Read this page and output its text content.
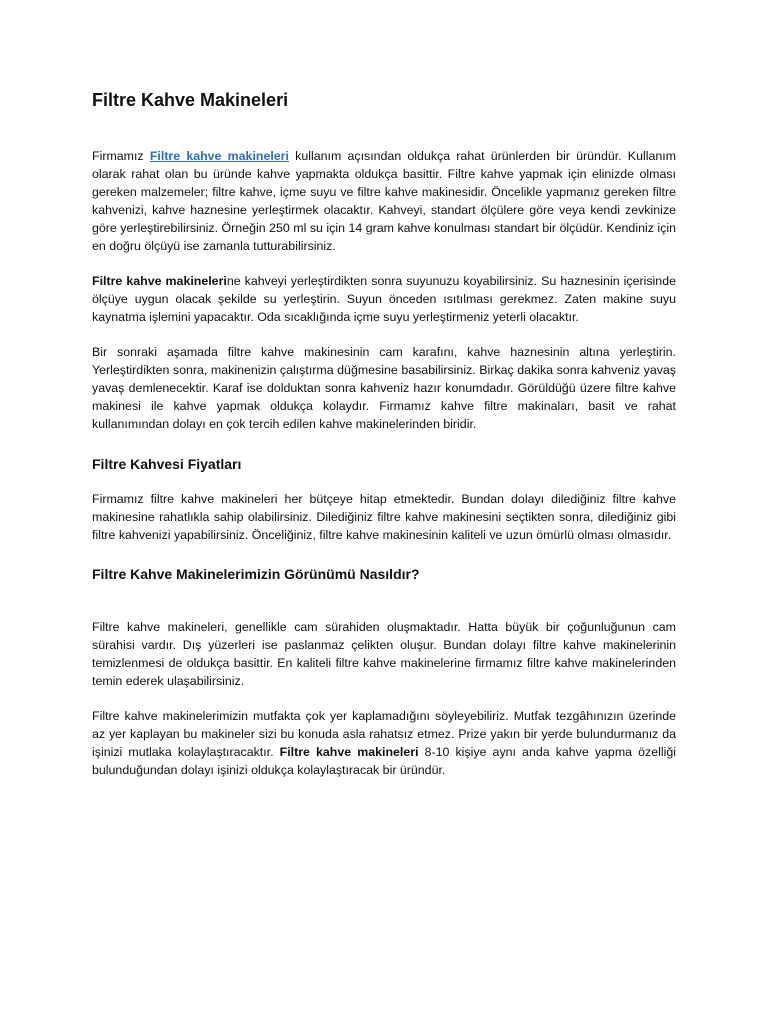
Filtre Kahve Makineleri

Firmamız Filtre kahve makineleri kullanım açısından oldukça rahat ürünlerden bir üründür. Kullanım olarak rahat olan bu üründe kahve yapmakta oldukça basittir. Filtre kahve yapmak için elinizde olması gereken malzemeler; filtre kahve, içme suyu ve filtre kahve makinesidir. Öncelikle yapmanız gereken filtre kahvenizi, kahve haznesine yerleştirmek olacaktır. Kahveyi, standart ölçülere göre veya kendi zevkinize göre yerleştirebilirsiniz. Örneğin 250 ml su için 14 gram kahve konulması standart bir ölçüdür. Kendiniz için en doğru ölçüyü ise zamanla tutturabilirsiniz.

Filtre kahve makinelerine kahveyi yerleştirdikten sonra suyunuzu koyabilirsiniz. Su haznesinin içerisinde ölçüye uygun olacak şekilde su yerleştirin. Suyun önceden ısıtılması gerekmez. Zaten makine suyu kaynatma işlemini yapacaktır. Oda sıcaklığında içme suyu yerleştirmeniz yeterli olacaktır.

Bir sonraki aşamada filtre kahve makinesinin cam karafını, kahve haznesinin altına yerleştirin. Yerleştirdikten sonra, makinenizin çalıştırma düğmesine basabilirsiniz. Birkaç dakika sonra kahveniz yavaş yavaş demlenecektir. Karaf ise dolduktan sonra kahveniz hazır konumdadır. Görüldüğü üzere filtre kahve makinesi ile kahve yapmak oldukça kolaydır. Firmamız kahve filtre makinaları, basit ve rahat kullanımından dolayı en çok tercih edilen kahve makinelerinden biridir.

Filtre Kahvesi Fiyatları

Firmamız filtre kahve makineleri her bütçeye hitap etmektedir. Bundan dolayı dilediğiniz filtre kahve makinesine rahatlıkla sahip olabilirsiniz. Dilediğiniz filtre kahve makinesini seçtikten sonra, dilediğiniz gibi filtre kahvenizi yapabilirsiniz. Önceliğiniz, filtre kahve makinesinin kaliteli ve uzun ömürlü olması olmasıdır.

Filtre Kahve Makinelerimizin Görünümü Nasıldır?

Filtre kahve makineleri, genellikle cam sürahiden oluşmaktadır. Hatta büyük bir çoğunluğunun cam sürahisi vardır. Dış yüzerleri ise paslanmaz çelikten oluşur. Bundan dolayı filtre kahve makinelerinin temizlenmesi de oldukça basittir. En kaliteli filtre kahve makinelerine firmamız filtre kahve makinelerinden temin ederek ulaşabilirsiniz.

Filtre kahve makinelerimizin mutfakta çok yer kaplamadığını söyleyebiliriz. Mutfak tezgâhınızın üzerinde az yer kaplayan bu makineler sizi bu konuda asla rahatsız etmez. Prize yakın bir yerde bulundurmanız da işinizi mutlaka kolaylaştıracaktır. Filtre kahve makineleri 8-10 kişiye aynı anda kahve yapma özelliği bulunduğundan dolayı işinizi oldukça kolaylaştıracak bir üründür.
